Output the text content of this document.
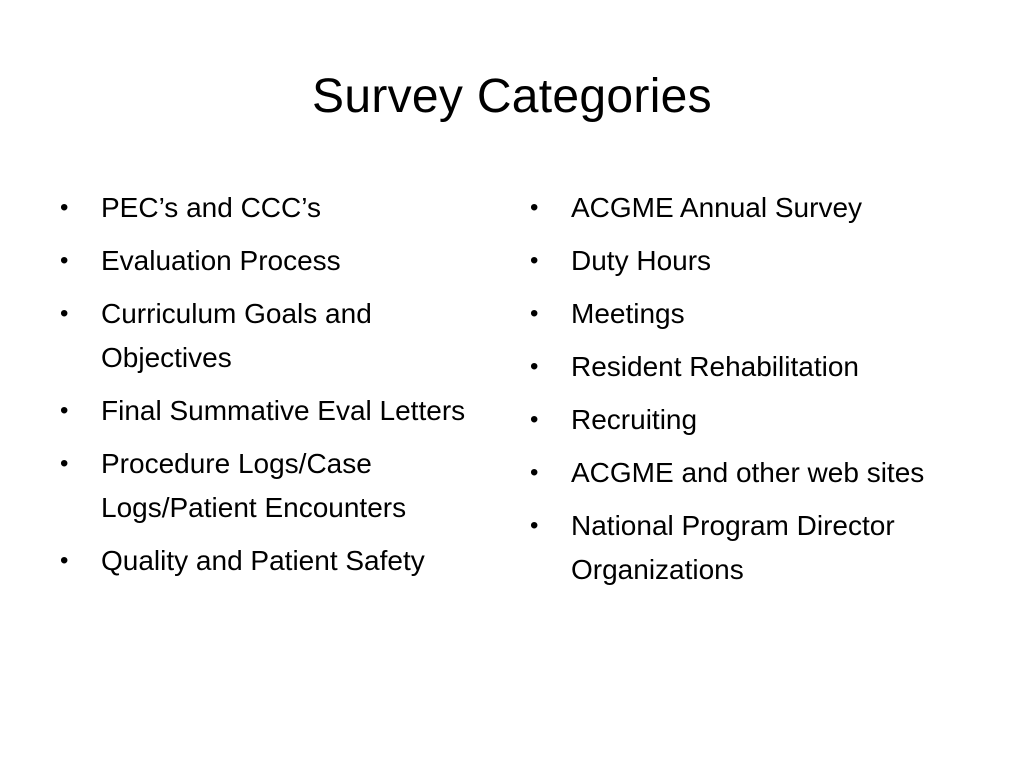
Survey Categories
• PEC’s and CCC’s
• Evaluation Process
• Curriculum Goals and Objectives
• Final Summative Eval Letters
• Procedure Logs/Case Logs/Patient Encounters
• Quality and Patient Safety
• ACGME Annual Survey
• Duty Hours
• Meetings
• Resident Rehabilitation
• Recruiting
• ACGME and other web sites
• National Program Director Organizations
